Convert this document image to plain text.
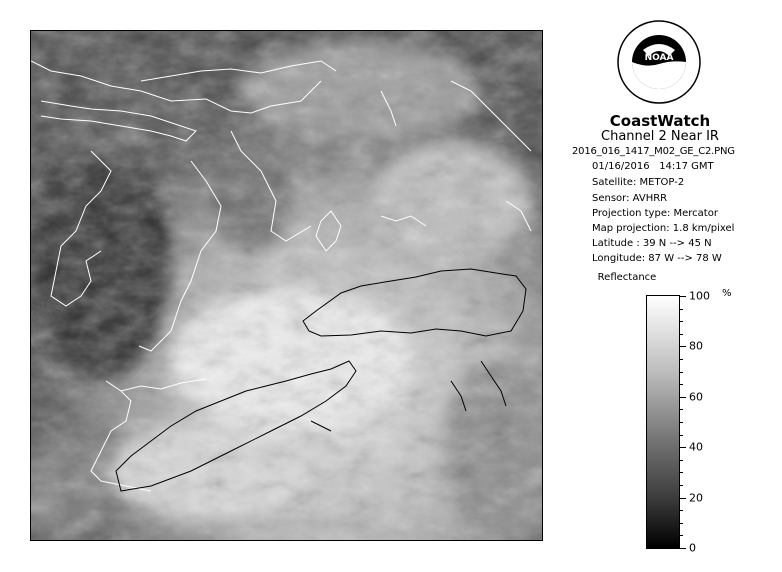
NOAA
CoastWatch
Channel 2 Near IR
2016_016_1417_M02_GE_C2.PNG
01/16/2016 14:17 GMT
Satellite: METOP-2
Sensor: AVHRR
Projection type: Mercator
Map projection: 1.8 km/pixel
Latitude : 39 N --> 45 N
Longitude: 87 W --> 78 W
Reflectance
%
100
80
60
40
20
0
